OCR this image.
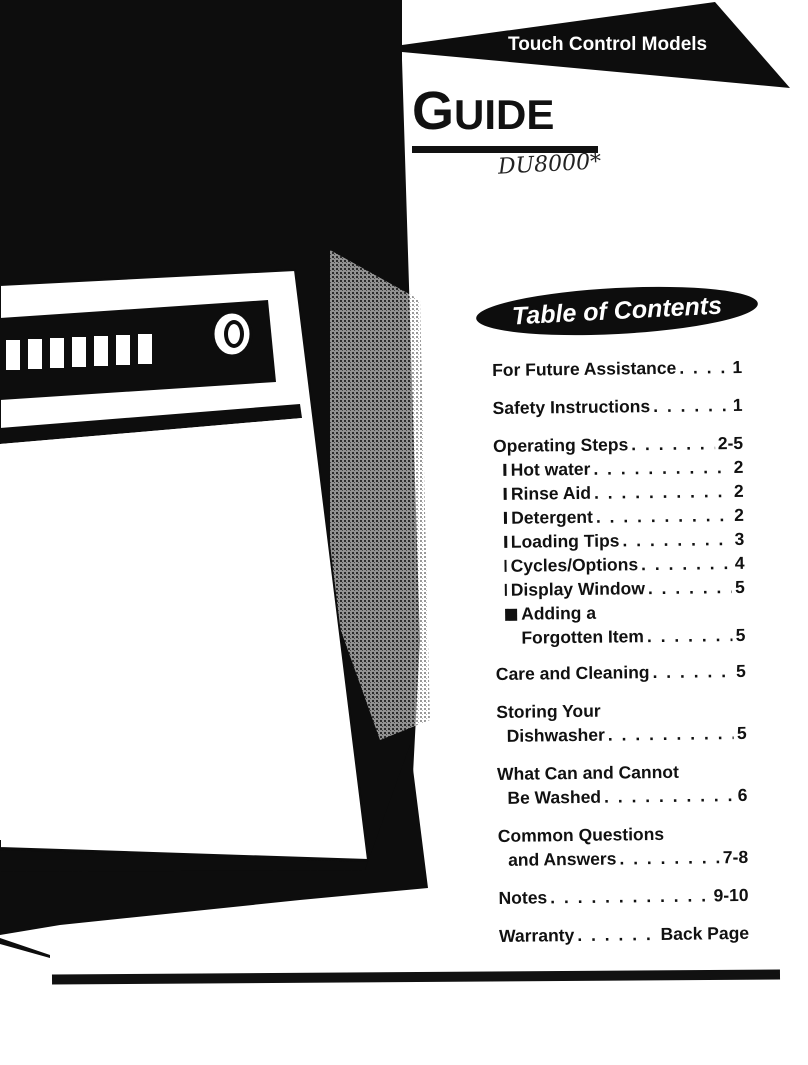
Touch Control Models
GUIDE
DU8000*
Table of Contents
For Future Assistance . . .	1
Safety Instructions . . .	1
Operating Steps . . .	2-5
Hot water . . .	2
Rinse Aid . . .	2
Detergent . . .	2
Loading Tips . . .	3
Cycles/Options . . .	4
Display Window . . .	5
Adding a
Forgotten Item . . .	5
Care and Cleaning . . .	5
Storing Your
Dishwasher . . .	5
What Can and Cannot
Be Washed . . .	6
Common Questions
and Answers . . .	7-8
Notes . . .	9-10
Warranty . . .	Back Page
